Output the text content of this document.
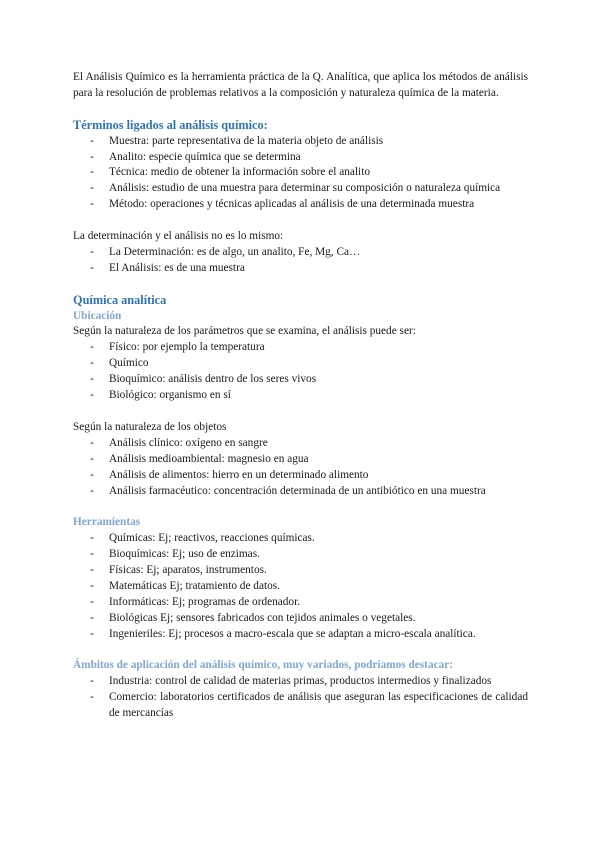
El Análisis Químico es la herramienta práctica de la Q. Analítica, que aplica los métodos de análisis para la resolución de problemas relativos a la composición y naturaleza química de la materia.

Términos ligados al análisis químico:

- Muestra: parte representativa de la materia objeto de análisis
- Analito: especie química que se determina
- Técnica: medio de obtener la información sobre el analito
- Análisis: estudio de una muestra para determinar su composición o naturaleza química
- Método: operaciones y técnicas aplicadas al análisis de una determinada muestra

La determinación y el análisis no es lo mismo:

- La Determinación: es de algo, un analito, Fe, Mg, Ca…
- El Análisis: es de una muestra

Química analítica

Ubicación

Según la naturaleza de los parámetros que se examina, el análisis puede ser:

- Físico: por ejemplo la temperatura
- Químico
- Bioquímico: análisis dentro de los seres vivos
- Biológico: organismo en sí

Según la naturaleza de los objetos

- Análisis clínico: oxígeno en sangre
- Análisis medioambiental: magnesio en agua
- Análisis de alimentos: hierro en un determinado alimento
- Análisis farmacéutico: concentración determinada de un antibiótico en una muestra

Herramientas

- Químicas: Ej; reactivos, reacciones químicas.
- Bioquímicas: Ej; uso de enzimas.
- Físicas: Ej; aparatos, instrumentos.
- Matemáticas Ej; tratamiento de datos.
- Informáticas: Ej; programas de ordenador.
- Biológicas Ej; sensores fabricados con tejidos animales o vegetales.
- Ingenieriles: Ej; procesos a macro-escala que se adaptan a micro-escala analítica.

Ámbitos de aplicación del análisis químico, muy variados, podríamos destacar:

- Industria: control de calidad de materias primas, productos intermedios y finalizados
- Comercio: laboratorios certificados de análisis que aseguran las especificaciones de calidad de mercancías
